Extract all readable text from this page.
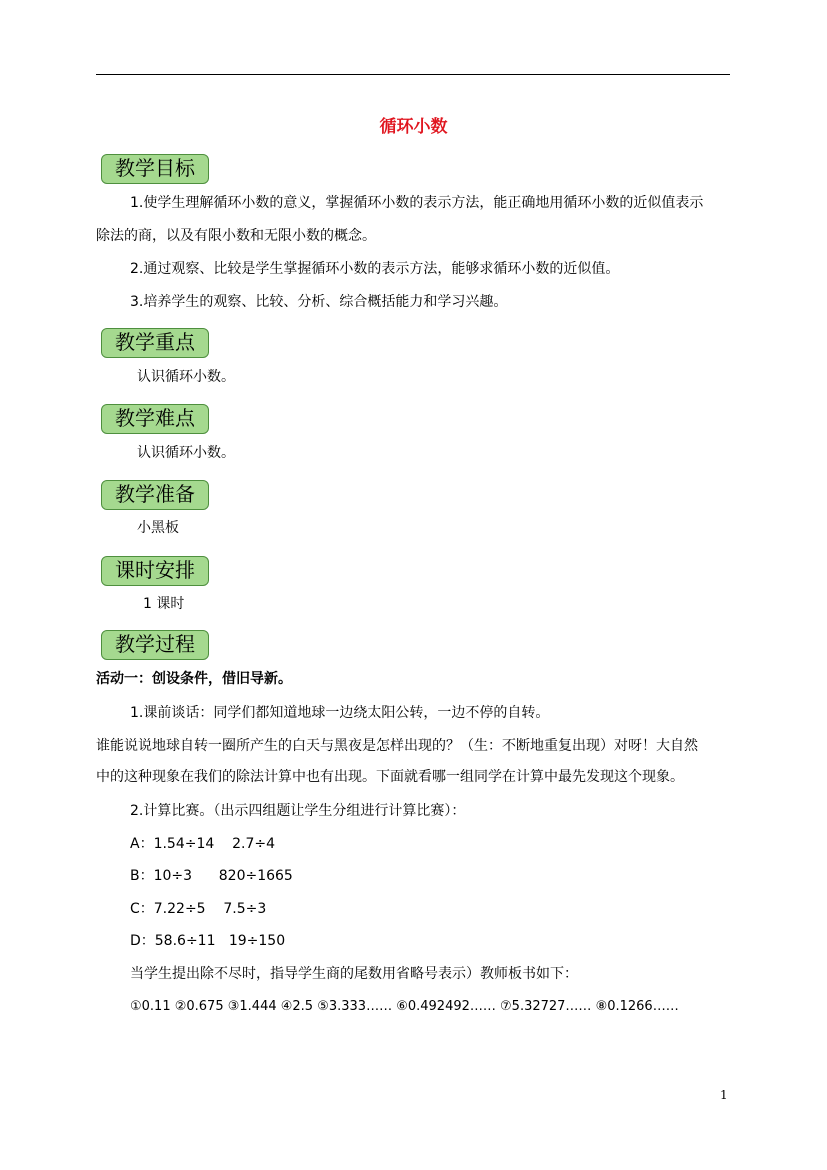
循环小数
教学目标
1.使学生理解循环小数的意义，掌握循环小数的表示方法，能正确地用循环小数的近似值表示
除法的商，以及有限小数和无限小数的概念。
2.通过观察、比较是学生掌握循环小数的表示方法，能够求循环小数的近似值。
3.培养学生的观察、比较、分析、综合概括能力和学习兴趣。
教学重点
认识循环小数。
教学难点
认识循环小数。
教学准备
小黑板
课时安排
1 课时
教学过程
活动一：创设条件，借旧导新。
1.课前谈话：同学们都知道地球一边绕太阳公转，一边不停的自转。
谁能说说地球自转一圈所产生的白天与黑夜是怎样出现的？（生：不断地重复出现）对呀！大自然
中的这种现象在我们的除法计算中也有出现。下面就看哪一组同学在计算中最先发现这个现象。
2.计算比赛。（出示四组题让学生分组进行计算比赛）：
A：1.54÷14    2.7÷4
B：10÷3      820÷1665
C：7.22÷5    7.5÷3
D：58.6÷11   19÷150
当学生提出除不尽时，指导学生商的尾数用省略号表示）教师板书如下：
①0.11 ②0.675 ③1.444 ④2.5 ⑤3.333…… ⑥0.492492…… ⑦5.32727…… ⑧0.1266……
1
